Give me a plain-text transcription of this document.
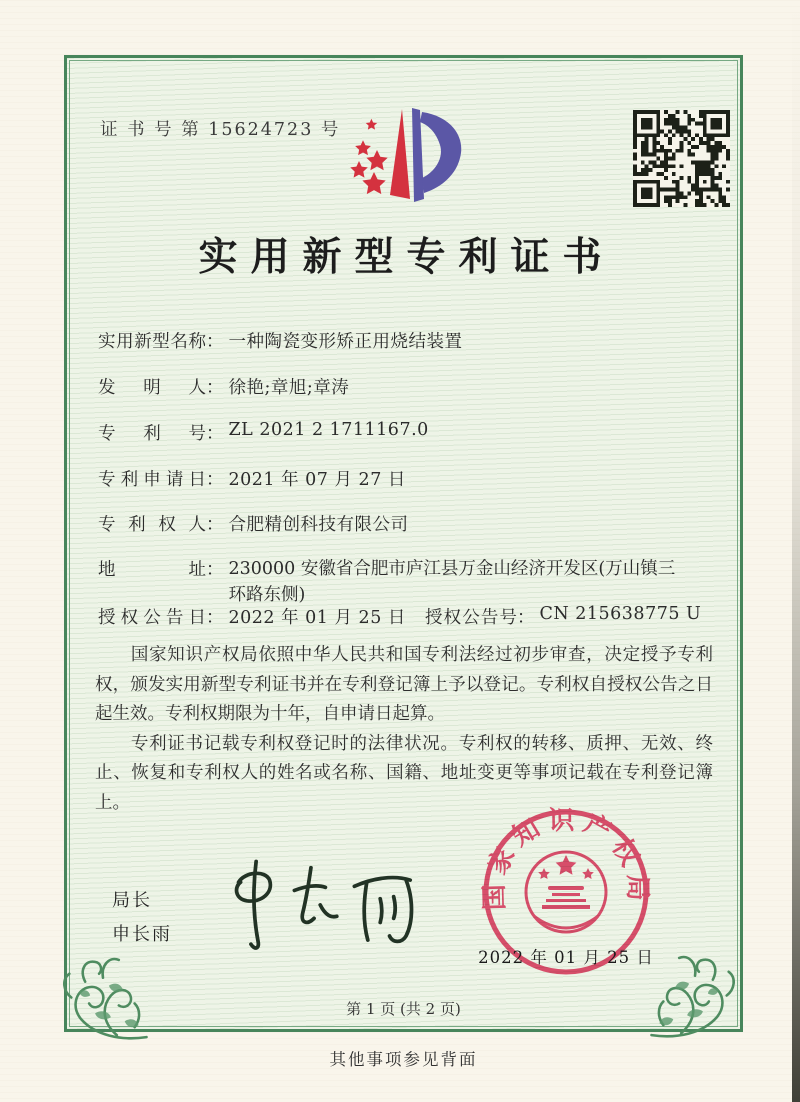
证 书 号 第 15624723 号
实用新型专利证书
实用新型名称： 一种陶瓷变形矫正用烧结装置
发明人： 徐艳;章旭;章涛
专利号： ZL 2021 2 1711167.0
专利申请日： 2021 年 07 月 27 日
专利权人： 合肥精创科技有限公司
地址： 230000 安徽省合肥市庐江县万金山经济开发区(万山镇三
环路东侧)
授权公告日： 2022 年 01 月 25 日 授权公告号： CN 215638775 U

国家知识产权局依照中华人民共和国专利法经过初步审查，决定授予专利权，颁发实用新型专利证书并在专利登记簿上予以登记。专利权自授权公告之日起生效。专利权期限为十年，自申请日起算。

专利证书记载专利权登记时的法律状况。专利权的转移、质押、无效、终止、恢复和专利权人的姓名或名称、国籍、地址变更等事项记载在专利登记簿上。

局长
申长雨
国家知识产权局
2022 年 01 月 25 日
第 1 页 (共 2 页)
其他事项参见背面
